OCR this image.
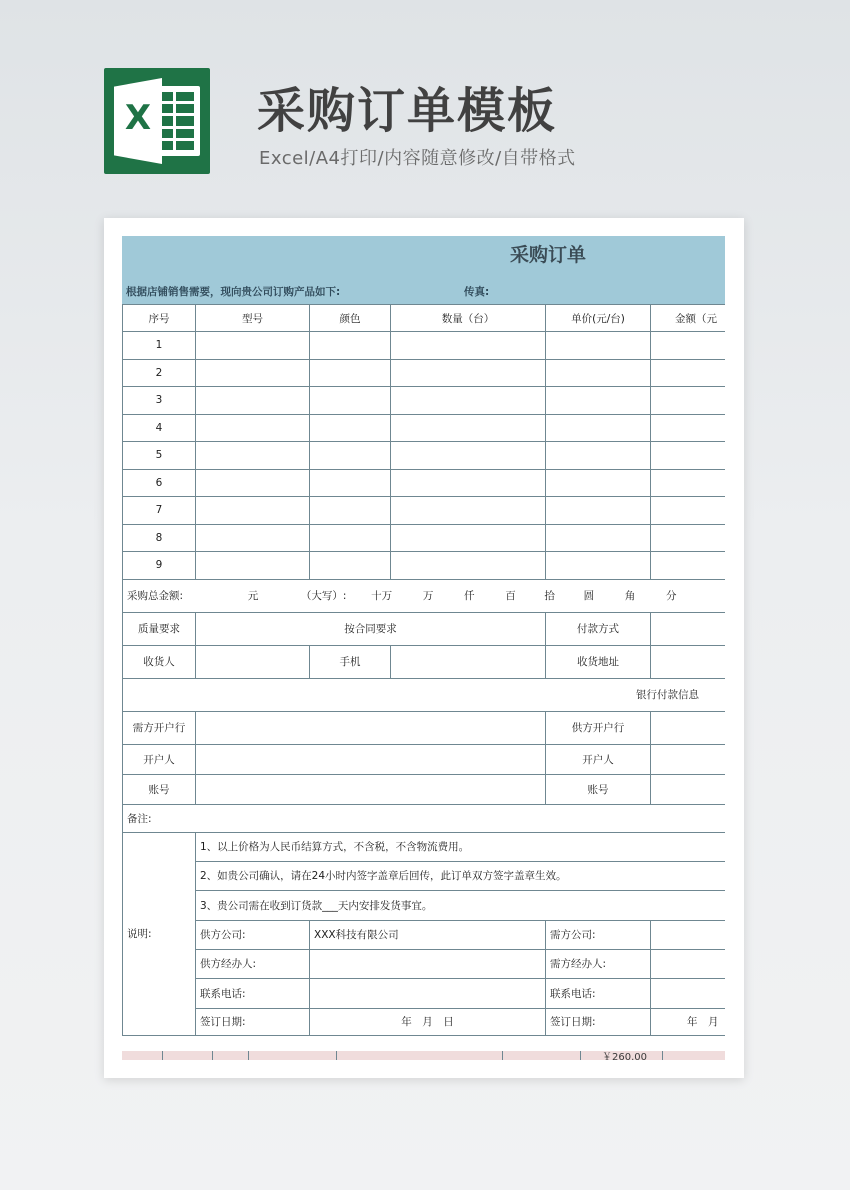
X 采购订单模板
Excel/A4打印/内容随意修改/自带格式
采购订单
根据店铺销售需要，现向贵公司订购产品如下:	传真:
序号	型号	颜色	数量（台）	单价(元/台)	金额（元
1					
2					
3					
4					
5					
6					
7					
8					
9					
采购总金额: 元 （大写）: 十万 万 仟 百 拾 圆 角 分					
质量要求	按合同要求			付款方式	
收货人		手机		收货地址	
银行付款信息					
需方开户行				供方开户行	
开户人				开户人	
账号				账号	
备注:					
说明:	1、以上价格为人民币结算方式，不含税，不含物流费用。				
	2、如贵公司确认，请在24小时内签字盖章后回传，此订单双方签字盖章生效。				
	3、贵公司需在收到订货款___天内安排发货事宜。				
	供方公司:	XXX科技有限公司		需方公司:	
	供方经办人:			需方经办人:	
	联系电话:			联系电话:	
	签订日期:	年　月　日		签订日期:	年　月
￥260.00
